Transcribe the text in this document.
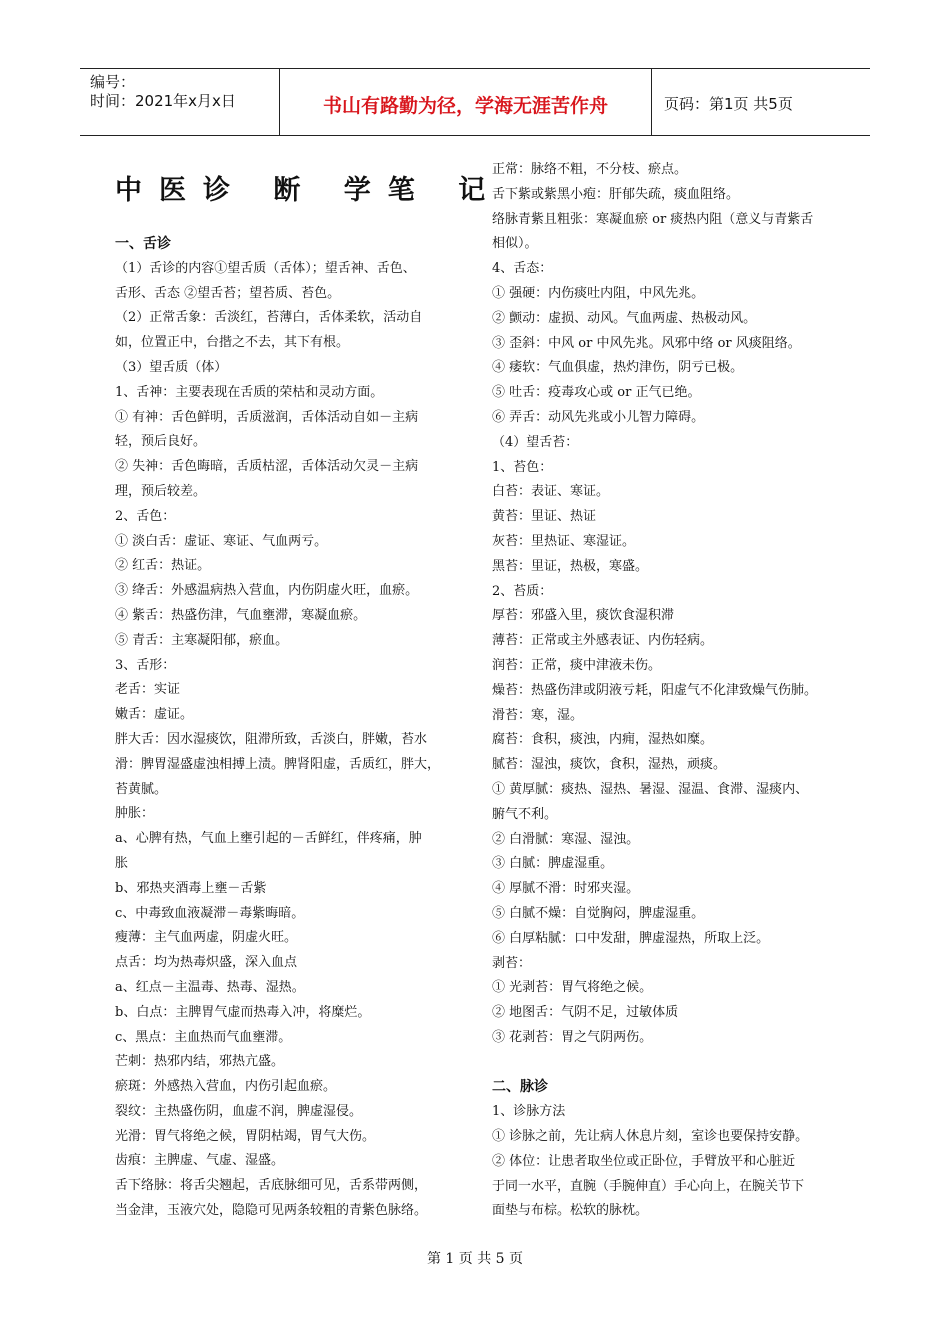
编号：
时间：2021年x月x日	书山有路勤为径，学海无涯苦作舟	页码：第1页 共5页
中医诊 断 学笔 记
一、舌诊
（1）舌诊的内容①望舌质（舌体）；望舌神、舌色、
舌形、舌态 ②望舌苔；望苔质、苔色。
（2）正常舌象：舌淡红，苔薄白，舌体柔软，活动自
如，位置正中，台揩之不去，其下有根。
（3）望舌质（体）
1、舌神：主要表现在舌质的荣枯和灵动方面。
① 有神：舌色鲜明，舌质滋润，舌体活动自如－主病
轻，预后良好。
② 失神：舌色晦暗，舌质枯涩，舌体活动欠灵－主病
理，预后较差。
2、舌色：
① 淡白舌：虚证、寒证、气血两亏。
② 红舌：热证。
③ 绛舌：外感温病热入营血，内伤阴虚火旺，血瘀。
④ 紫舌：热盛伤津，气血壅滞，寒凝血瘀。
⑤ 青舌：主寒凝阳郁，瘀血。
3、舌形：
老舌：实证
嫩舌：虚证。
胖大舌：因水湿痰饮，阻滞所致，舌淡白，胖嫩，苔水
滑：脾胃湿盛虚浊相搏上渍。脾肾阳虚，舌质红，胖大，
苔黄腻。
肿胀：
a、心脾有热，气血上壅引起的－舌鲜红，伴疼痛，肿
胀
b、邪热夹酒毒上壅－舌紫
c、中毒致血液凝滞－毒紫晦暗。
瘦薄：主气血两虚，阴虚火旺。
点舌：均为热毒炽盛，深入血点
a、红点－主温毒、热毒、湿热。
b、白点：主脾胃气虚而热毒入冲，将糜烂。
c、黑点：主血热而气血壅滞。
芒刺：热邪内结，邪热亢盛。
瘀斑：外感热入营血，内伤引起血瘀。
裂纹：主热盛伤阴，血虚不润，脾虚湿侵。
光滑：胃气将绝之候，胃阴枯竭，胃气大伤。
齿痕：主脾虚、气虚、湿盛。
舌下络脉：将舌尖翘起，舌底脉细可见，舌系带两侧，
当金津，玉液穴处，隐隐可见两条较粗的青紫色脉络。
正常：脉络不粗，不分枝、瘀点。
舌下紫或紫黑小疱：肝郁失疏，痰血阻络。
络脉青紫且粗张：寒凝血瘀 or 痰热内阻（意义与青紫舌
相似）。
4、舌态：
① 强硬：内伤痰吐内阻，中风先兆。
② 颤动：虚损、动风。气血两虚、热极动风。
③ 歪斜：中风 or 中风先兆。风邪中络 or 风痰阻络。
④ 痿软：气血俱虚，热灼津伤，阴亏已极。
⑤ 吐舌：疫毒攻心或 or 正气已绝。
⑥ 弄舌：动风先兆或小儿智力障碍。
（4）望舌苔：
1、苔色：
白苔：表证、寒证。
黄苔：里证、热证
灰苔：里热证、寒湿证。
黑苔：里证，热极，寒盛。
2、苔质：
厚苔：邪盛入里，痰饮食湿积滞
薄苔：正常或主外感表证、内伤轻病。
润苔：正常，痰中津液未伤。
燥苔：热盛伤津或阴液亏耗，阳虚气不化津致燥气伤肺。
滑苔：寒，湿。
腐苔：食积，痰浊，内痈，湿热如糜。
腻苔：湿浊，痰饮，食积，湿热，顽痰。
① 黄厚腻：痰热、湿热、暑湿、湿温、食滞、湿痰内、
腑气不利。
② 白滑腻：寒湿、湿浊。
③ 白腻：脾虚湿重。
④ 厚腻不滑：时邪夹湿。
⑤ 白腻不燥：自觉胸闷，脾虚湿重。
⑥ 白厚粘腻：口中发甜，脾虚湿热，所取上泛。
剥苔：
① 光剥苔：胃气将绝之候。
② 地图舌：气阴不足，过敏体质
③ 花剥苔：胃之气阴两伤。

二、脉诊
1、诊脉方法
① 诊脉之前，先让病人休息片刻，室诊也要保持安静。
② 体位：让患者取坐位或正卧位，手臂放平和心脏近
于同一水平，直腕（手腕伸直）手心向上，在腕关节下
面垫与布棕。松软的脉枕。
第 1 页 共 5 页
